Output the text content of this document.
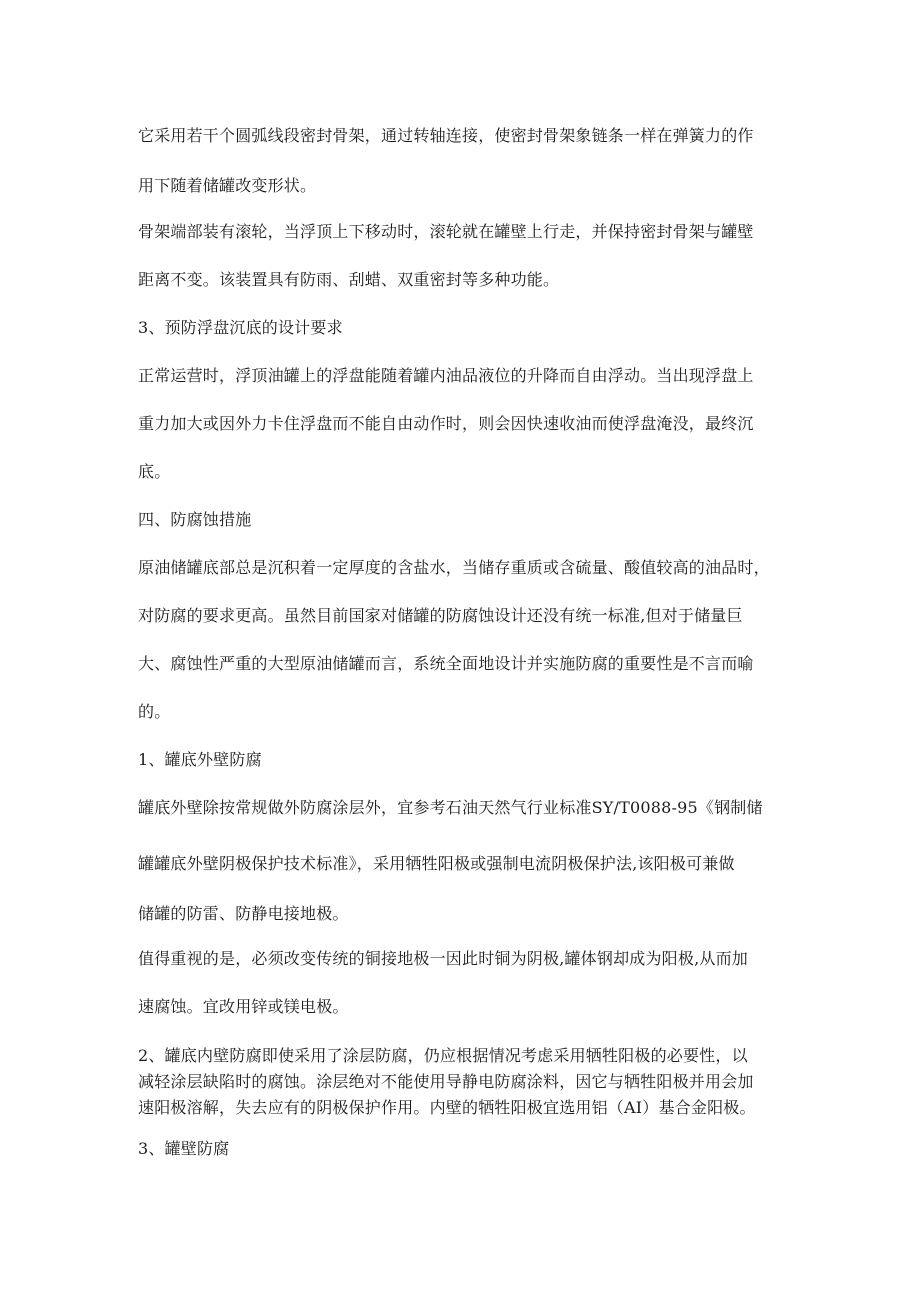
它采用若干个圆弧线段密封骨架，通过转轴连接，使密封骨架象链条一样在弹簧力的作
用下随着储罐改变形状。
骨架端部装有滚轮，当浮顶上下移动时，滚轮就在罐壁上行走，并保持密封骨架与罐壁
距离不变。该装置具有防雨、刮蜡、双重密封等多种功能。
3、预防浮盘沉底的设计要求
正常运营时，浮顶油罐上的浮盘能随着罐内油品液位的升降而自由浮动。当出现浮盘上
重力加大或因外力卡住浮盘而不能自由动作时，则会因快速收油而使浮盘淹没，最终沉
底。
四、防腐蚀措施
原油储罐底部总是沉积着一定厚度的含盐水，当储存重质或含硫量、酸值较高的油品时，
对防腐的要求更高。虽然目前国家对储罐的防腐蚀设计还没有统一标准,但对于储量巨
大、腐蚀性严重的大型原油储罐而言，系统全面地设计并实施防腐的重要性是不言而喻
的。
1、罐底外壁防腐
罐底外壁除按常规做外防腐涂层外，宜参考石油天然气行业标准SY/T0088-95《钢制储
罐罐底外壁阴极保护技术标准》，采用牺牲阳极或强制电流阴极保护法,该阳极可兼做
储罐的防雷、防静电接地极。
值得重视的是，必须改变传统的铜接地极一因此时铜为阴极,罐体钢却成为阳极,从而加
速腐蚀。宜改用锌或镁电极。
2、罐底内壁防腐即使采用了涂层防腐，仍应根据情况考虑采用牺牲阳极的必要性，以
减轻涂层缺陷时的腐蚀。涂层绝对不能使用导静电防腐涂料，因它与牺牲阳极并用会加
速阳极溶解，失去应有的阴极保护作用。内壁的牺牲阳极宜选用铝（AI）基合金阳极。
3、罐壁防腐
